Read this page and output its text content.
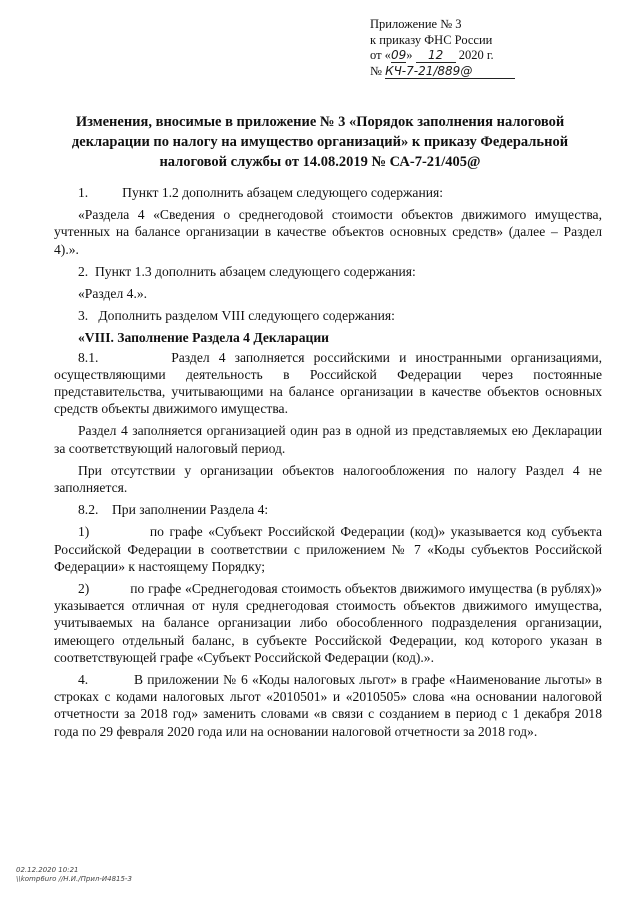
Приложение № 3
к приказу ФНС России
от «09» 12 2020 г.
№ КЧ-7-21/889@
Изменения, вносимые в приложение № 3 «Порядок заполнения налоговой декларации по налогу на имущество организаций» к приказу Федеральной налоговой службы от 14.08.2019 № СА-7-21/405@

1.          Пункт 1.2 дополнить абзацем следующего содержания:

«Раздела 4 «Сведения о среднегодовой стоимости объектов движимого имущества, учтенных на балансе организации в качестве объектов основных средств» (далее – Раздел 4).».

2.  Пункт 1.3 дополнить абзацем следующего содержания:

«Раздел 4.».

3.   Дополнить разделом VIII следующего содержания:

«VIII. Заполнение Раздела 4 Декларации

8.1.        Раздел 4 заполняется российскими и иностранными организациями, осуществляющими деятельность в Российской Федерации через постоянные представительства, учитывающими на балансе организации в качестве объектов основных средств объекты движимого имущества.

Раздел 4 заполняется организацией один раз в одной из представляемых ею Декларации за соответствующий налоговый период.

При отсутствии у организации объектов налогообложения по налогу Раздел 4 не заполняется.

8.2.    При заполнении Раздела 4:

1)           по графе «Субъект Российской Федерации (код)» указывается код субъекта Российской Федерации в соответствии с приложением № 7 «Коды субъектов Российской Федерации» к настоящему Порядку;

2)           по графе «Среднегодовая стоимость объектов движимого имущества (в рублях)» указывается отличная от нуля среднегодовая стоимость объектов движимого имущества, учитываемых на балансе организации либо обособленного подразделения организации, имеющего отдельный баланс, в субъекте Российской Федерации, код которого указан в соответствующей графе «Субъект Российской Федерации (код).».

4.           В приложении № 6 «Коды налоговых льгот» в графе «Наименование льготы» в строках с кодами налоговых льгот «2010501» и «2010505» слова «на основании налоговой отчетности за 2018 год» заменить словами «в связи с созданием в период с 1 декабря 2018 года по 29 февраля 2020 года или на основании налоговой отчетности за 2018 год».

02.12.2020 10:21
\\komp6uro //Н.И./Прил-И4815-3
